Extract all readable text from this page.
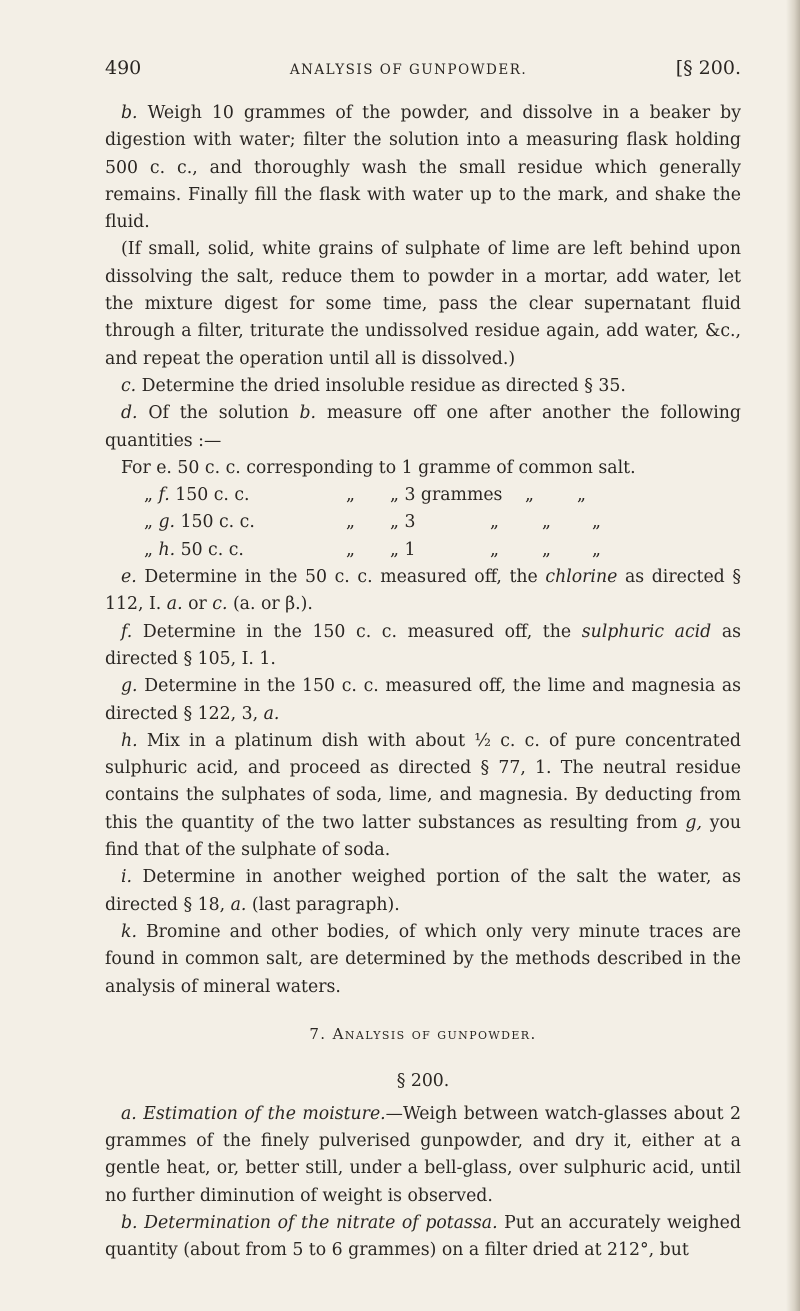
490	ANALYSIS OF GUNPOWDER.	[§ 200.

b. Weigh 10 grammes of the powder, and dissolve in a beaker by digestion with water; filter the solution into a measuring flask holding 500 c. c., and thoroughly wash the small residue which generally remains. Finally fill the flask with water up to the mark, and shake the fluid.

(If small, solid, white grains of sulphate of lime are left behind upon dissolving the salt, reduce them to powder in a mortar, add water, let the mixture digest for some time, pass the clear supernatant fluid through a filter, triturate the undissolved residue again, add water, &c., and repeat the operation until all is dissolved.)

c. Determine the dried insoluble residue as directed § 35.

d. Of the solution b. measure off one after another the following quantities :—

For e. 50 c. c. corresponding to 1 gramme of common salt.
„ f. 150 c. c.	„	„ 3 grammes	„	„
„ g. 150 c. c.	„	„ 3	„	„	„
„ h. 50 c. c.	„	„ 1	„	„	„

e. Determine in the 50 c. c. measured off, the chlorine as directed § 112, I. a. or c. (a. or β.).

f. Determine in the 150 c. c. measured off, the sulphuric acid as directed § 105, I. 1.

g. Determine in the 150 c. c. measured off, the lime and magnesia as directed § 122, 3, a.

h. Mix in a platinum dish with about ½ c. c. of pure concentrated sulphuric acid, and proceed as directed § 77, 1. The neutral residue contains the sulphates of soda, lime, and magnesia. By deducting from this the quantity of the two latter substances as resulting from g, you find that of the sulphate of soda.

i. Determine in another weighed portion of the salt the water, as directed § 18, a. (last paragraph).

k. Bromine and other bodies, of which only very minute traces are found in common salt, are determined by the methods described in the analysis of mineral waters.

7. Analysis of gunpowder.
§ 200.

a. Estimation of the moisture.—Weigh between watch-glasses about 2 grammes of the finely pulverised gunpowder, and dry it, either at a gentle heat, or, better still, under a bell-glass, over sulphuric acid, until no further diminution of weight is observed.

b. Determination of the nitrate of potassa. Put an accurately weighed quantity (about from 5 to 6 grammes) on a filter dried at 212°, but
